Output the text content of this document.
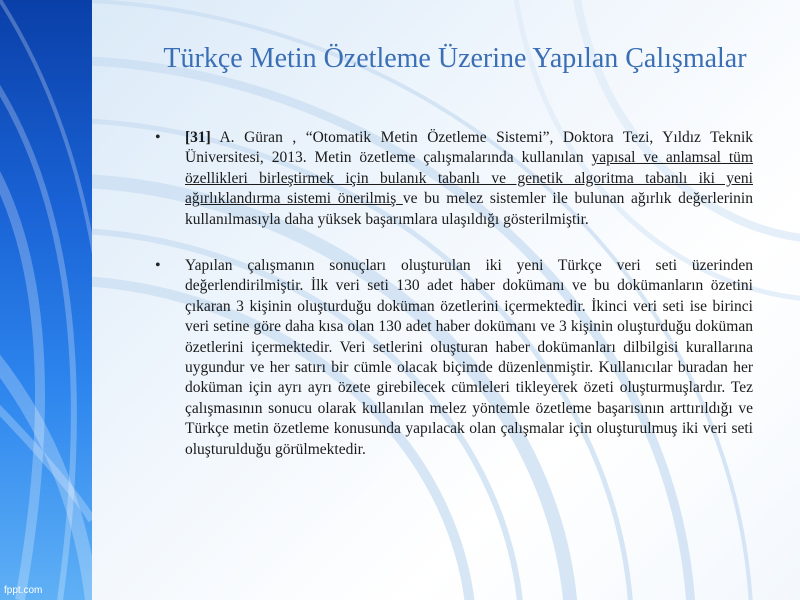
Türkçe Metin Özetleme Üzerine Yapılan Çalışmalar
• [31] A. Güran , “Otomatik Metin Özetleme Sistemi”, Doktora Tezi, Yıldız Teknik Üniversitesi, 2013. Metin özetleme çalışmalarında kullanılan yapısal ve anlamsal tüm özellikleri birleştirmek için bulanık tabanlı ve genetik algoritma tabanlı iki yeni ağırlıklandırma sistemi önerilmiş ve bu melez sistemler ile bulunan ağırlık değerlerinin kullanılmasıyla daha yüksek başarımlara ulaşıldığı gösterilmiştir.
• Yapılan çalışmanın sonuçları oluşturulan iki yeni Türkçe veri seti üzerinden değerlendirilmiştir. İlk veri seti 130 adet haber dokümanı ve bu dokümanların özetini çıkaran 3 kişinin oluşturduğu doküman özetlerini içermektedir. İkinci veri seti ise birinci veri setine göre daha kısa olan 130 adet haber dokümanı ve 3 kişinin oluşturduğu doküman özetlerini içermektedir. Veri setlerini oluşturan haber dokümanları dilbilgisi kurallarına uygundur ve her satırı bir cümle olacak biçimde düzenlenmiştir. Kullanıcılar buradan her doküman için ayrı ayrı özete girebilecek cümleleri tikleyerek özeti oluşturmuşlardır. Tez çalışmasının sonucu olarak kullanılan melez yöntemle özetleme başarısının arttırıldığı ve Türkçe metin özetleme konusunda yapılacak olan çalışmalar için oluşturulmuş iki veri seti oluşturulduğu görülmektedir.
fppt.com
